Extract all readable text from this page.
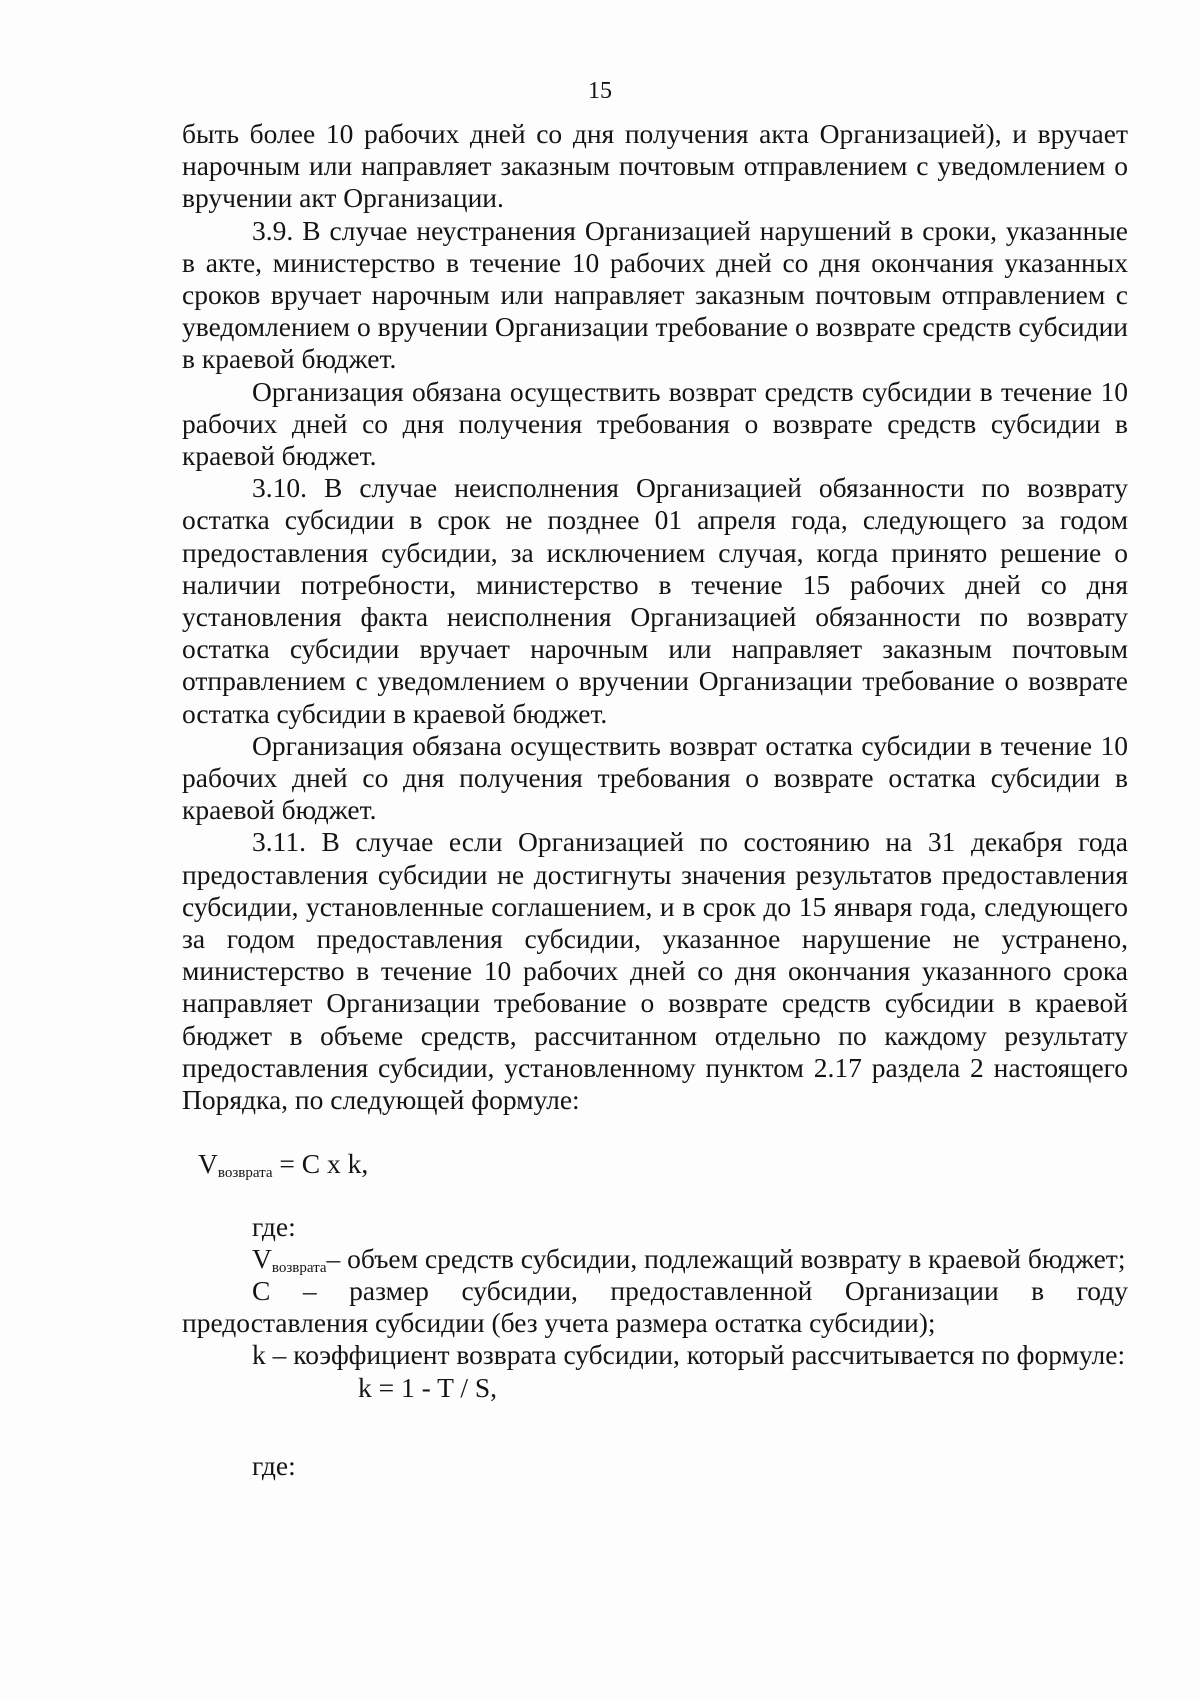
15

быть более 10 рабочих дней со дня получения акта Организацией), и вручает нарочным или направляет заказным почтовым отправлением с уведомлением о вручении акт Организации.

3.9. В случае неустранения Организацией нарушений в сроки, указанные в акте, министерство в течение 10 рабочих дней со дня окончания указанных сроков вручает нарочным или направляет заказным почтовым отправлением с уведомлением о вручении Организации требование о возврате средств субсидии в краевой бюджет.

Организация обязана осуществить возврат средств субсидии в течение 10 рабочих дней со дня получения требования о возврате средств субсидии в краевой бюджет.

3.10. В случае неисполнения Организацией обязанности по возврату остатка субсидии в срок не позднее 01 апреля года, следующего за годом предоставления субсидии, за исключением случая, когда принято решение о наличии потребности, министерство в течение 15 рабочих дней со дня установления факта неисполнения Организацией обязанности по возврату остатка субсидии вручает нарочным или направляет заказным почтовым отправлением с уведомлением о вручении Организации требование о возврате остатка субсидии в краевой бюджет.

Организация обязана осуществить возврат остатка субсидии в течение 10 рабочих дней со дня получения требования о возврате остатка субсидии в краевой бюджет.

3.11. В случае если Организацией по состоянию на 31 декабря года предоставления субсидии не достигнуты значения результатов предоставления субсидии, установленные соглашением, и в срок до 15 января года, следующего за годом предоставления субсидии, указанное нарушение не устранено, министерство в течение 10 рабочих дней со дня окончания указанного срока направляет Организации требование о возврате средств субсидии в краевой бюджет в объеме средств, рассчитанном отдельно по каждому результату предоставления субсидии, установленному пунктом 2.17 раздела 2 настоящего Порядка, по следующей формуле:

$V_{возврата} = C$ x k,

где:

$V_{возврата}-$ объем средств субсидии, подлежащий возврату в краевой бюджет;

C – размер субсидии, предоставленной Организации в году предоставления субсидии (без учета размера остатка субсидии);

k – коэффициент возврата субсидии, который рассчитывается по формуле:

k = 1 - T / S,

где:
